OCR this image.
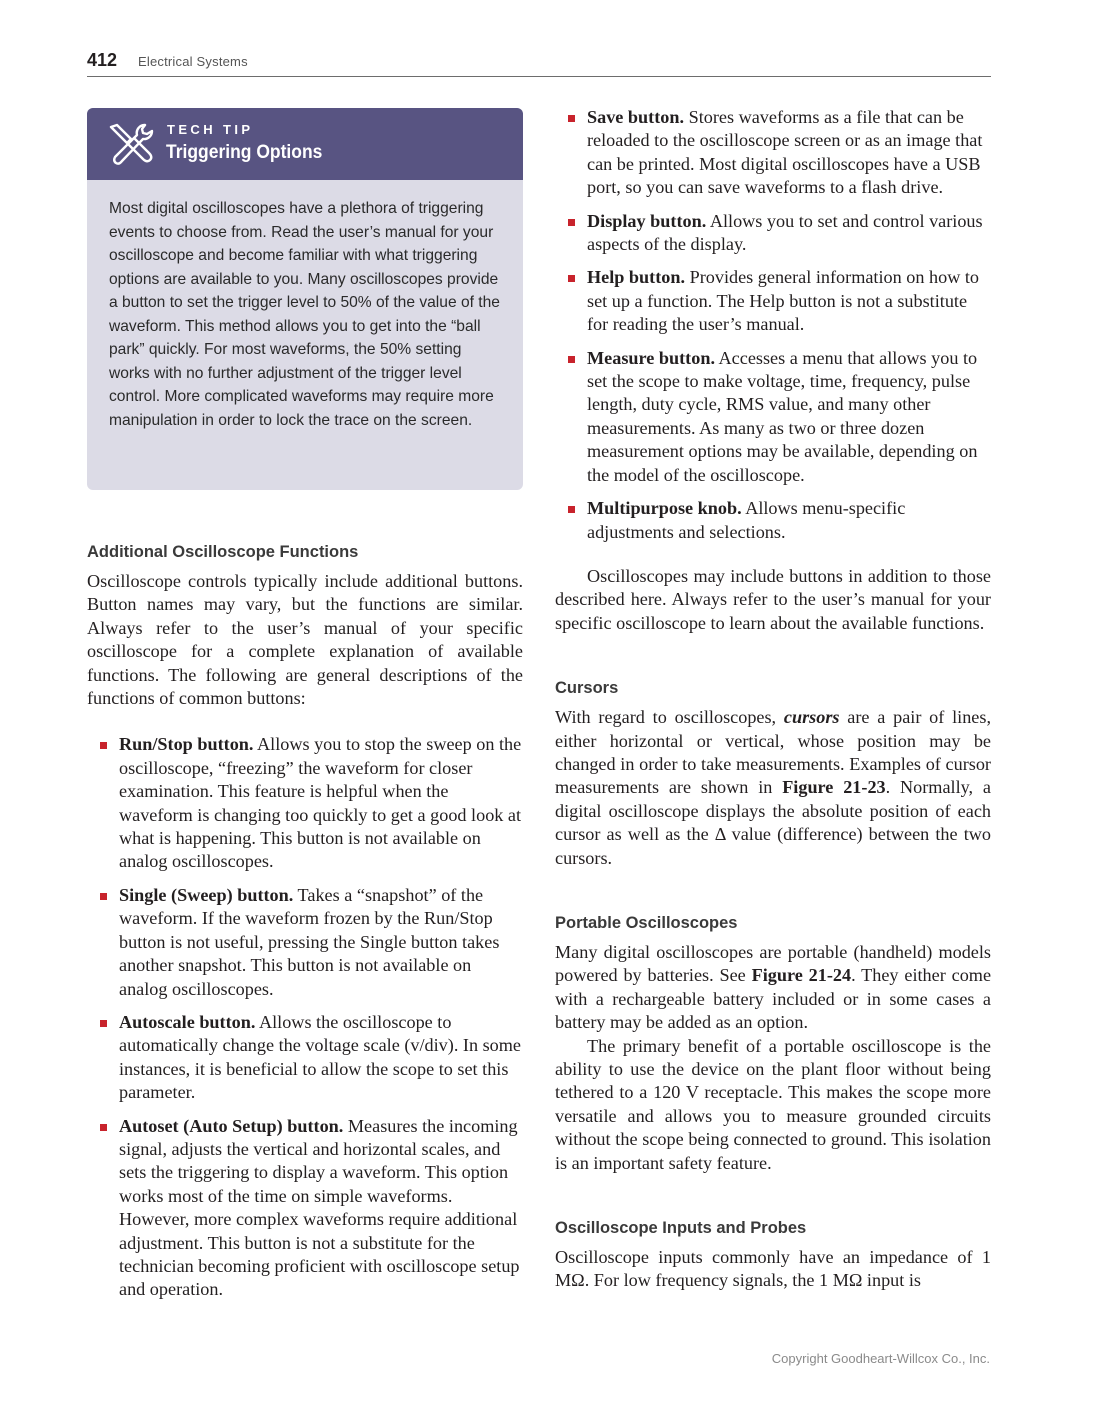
412 Electrical Systems
TECH TIP
Triggering Options
Most digital oscilloscopes have a plethora of triggering events to choose from. Read the user’s manual for your oscilloscope and become familiar with what triggering options are available to you. Many oscilloscopes provide a button to set the trigger level to 50% of the value of the waveform. This method allows you to get into the “ball park” quickly. For most waveforms, the 50% setting works with no further adjustment of the trigger level control. More complicated waveforms may require more manipulation in order to lock the trace on the screen.
Additional Oscilloscope Functions

Oscilloscope controls typically include additional buttons. Button names may vary, but the functions are similar. Always refer to the user’s manual of your specific oscilloscope for a complete explanation of available functions. The following are general descriptions of the functions of common buttons:

Run/Stop button. Allows you to stop the sweep on the oscilloscope, “freezing” the waveform for closer examination. This feature is helpful when the waveform is changing too quickly to get a good look at what is happening. This button is not available on analog oscilloscopes.
Single (Sweep) button. Takes a “snapshot” of the waveform. If the waveform frozen by the Run/Stop button is not useful, pressing the Single button takes another snapshot. This button is not available on analog oscilloscopes.
Autoscale button. Allows the oscilloscope to automatically change the voltage scale (v/div). In some instances, it is beneficial to allow the scope to set this parameter.
Autoset (Auto Setup) button. Measures the incoming signal, adjusts the vertical and horizontal scales, and sets the triggering to display a waveform. This option works most of the time on simple waveforms. However, more complex waveforms require additional adjustment. This button is not a substitute for the technician becoming proficient with oscilloscope setup and operation.
Save button. Stores waveforms as a file that can be reloaded to the oscilloscope screen or as an image that can be printed. Most digital oscilloscopes have a USB port, so you can save waveforms to a flash drive.
Display button. Allows you to set and control various aspects of the display.
Help button. Provides general information on how to set up a function. The Help button is not a substitute for reading the user’s manual.
Measure button. Accesses a menu that allows you to set the scope to make voltage, time, frequency, pulse length, duty cycle, RMS value, and many other measurements. As many as two or three dozen measurement options may be available, depending on the model of the oscilloscope.
Multipurpose knob. Allows menu-specific adjustments and selections.

Oscilloscopes may include buttons in addition to those described here. Always refer to the user’s manual for your specific oscilloscope to learn about the available functions.

Cursors

With regard to oscilloscopes, cursors are a pair of lines, either horizontal or vertical, whose position may be changed in order to take measurements. Examples of cursor measurements are shown in Figure 21-23. Normally, a digital oscilloscope displays the absolute position of each cursor as well as the Δ value (difference) between the two cursors.

Portable Oscilloscopes

Many digital oscilloscopes are portable (handheld) models powered by batteries. See Figure 21-24. They either come with a rechargeable battery included or in some cases a battery may be added as an option.

The primary benefit of a portable oscilloscope is the ability to use the device on the plant floor without being tethered to a 120 V receptacle. This makes the scope more versatile and allows you to measure grounded circuits without the scope being connected to ground. This isolation is an important safety feature.

Oscilloscope Inputs and Probes

Oscilloscope inputs commonly have an impedance of 1 MΩ. For low frequency signals, the 1 MΩ input is

Copyright Goodheart-Willcox Co., Inc.
